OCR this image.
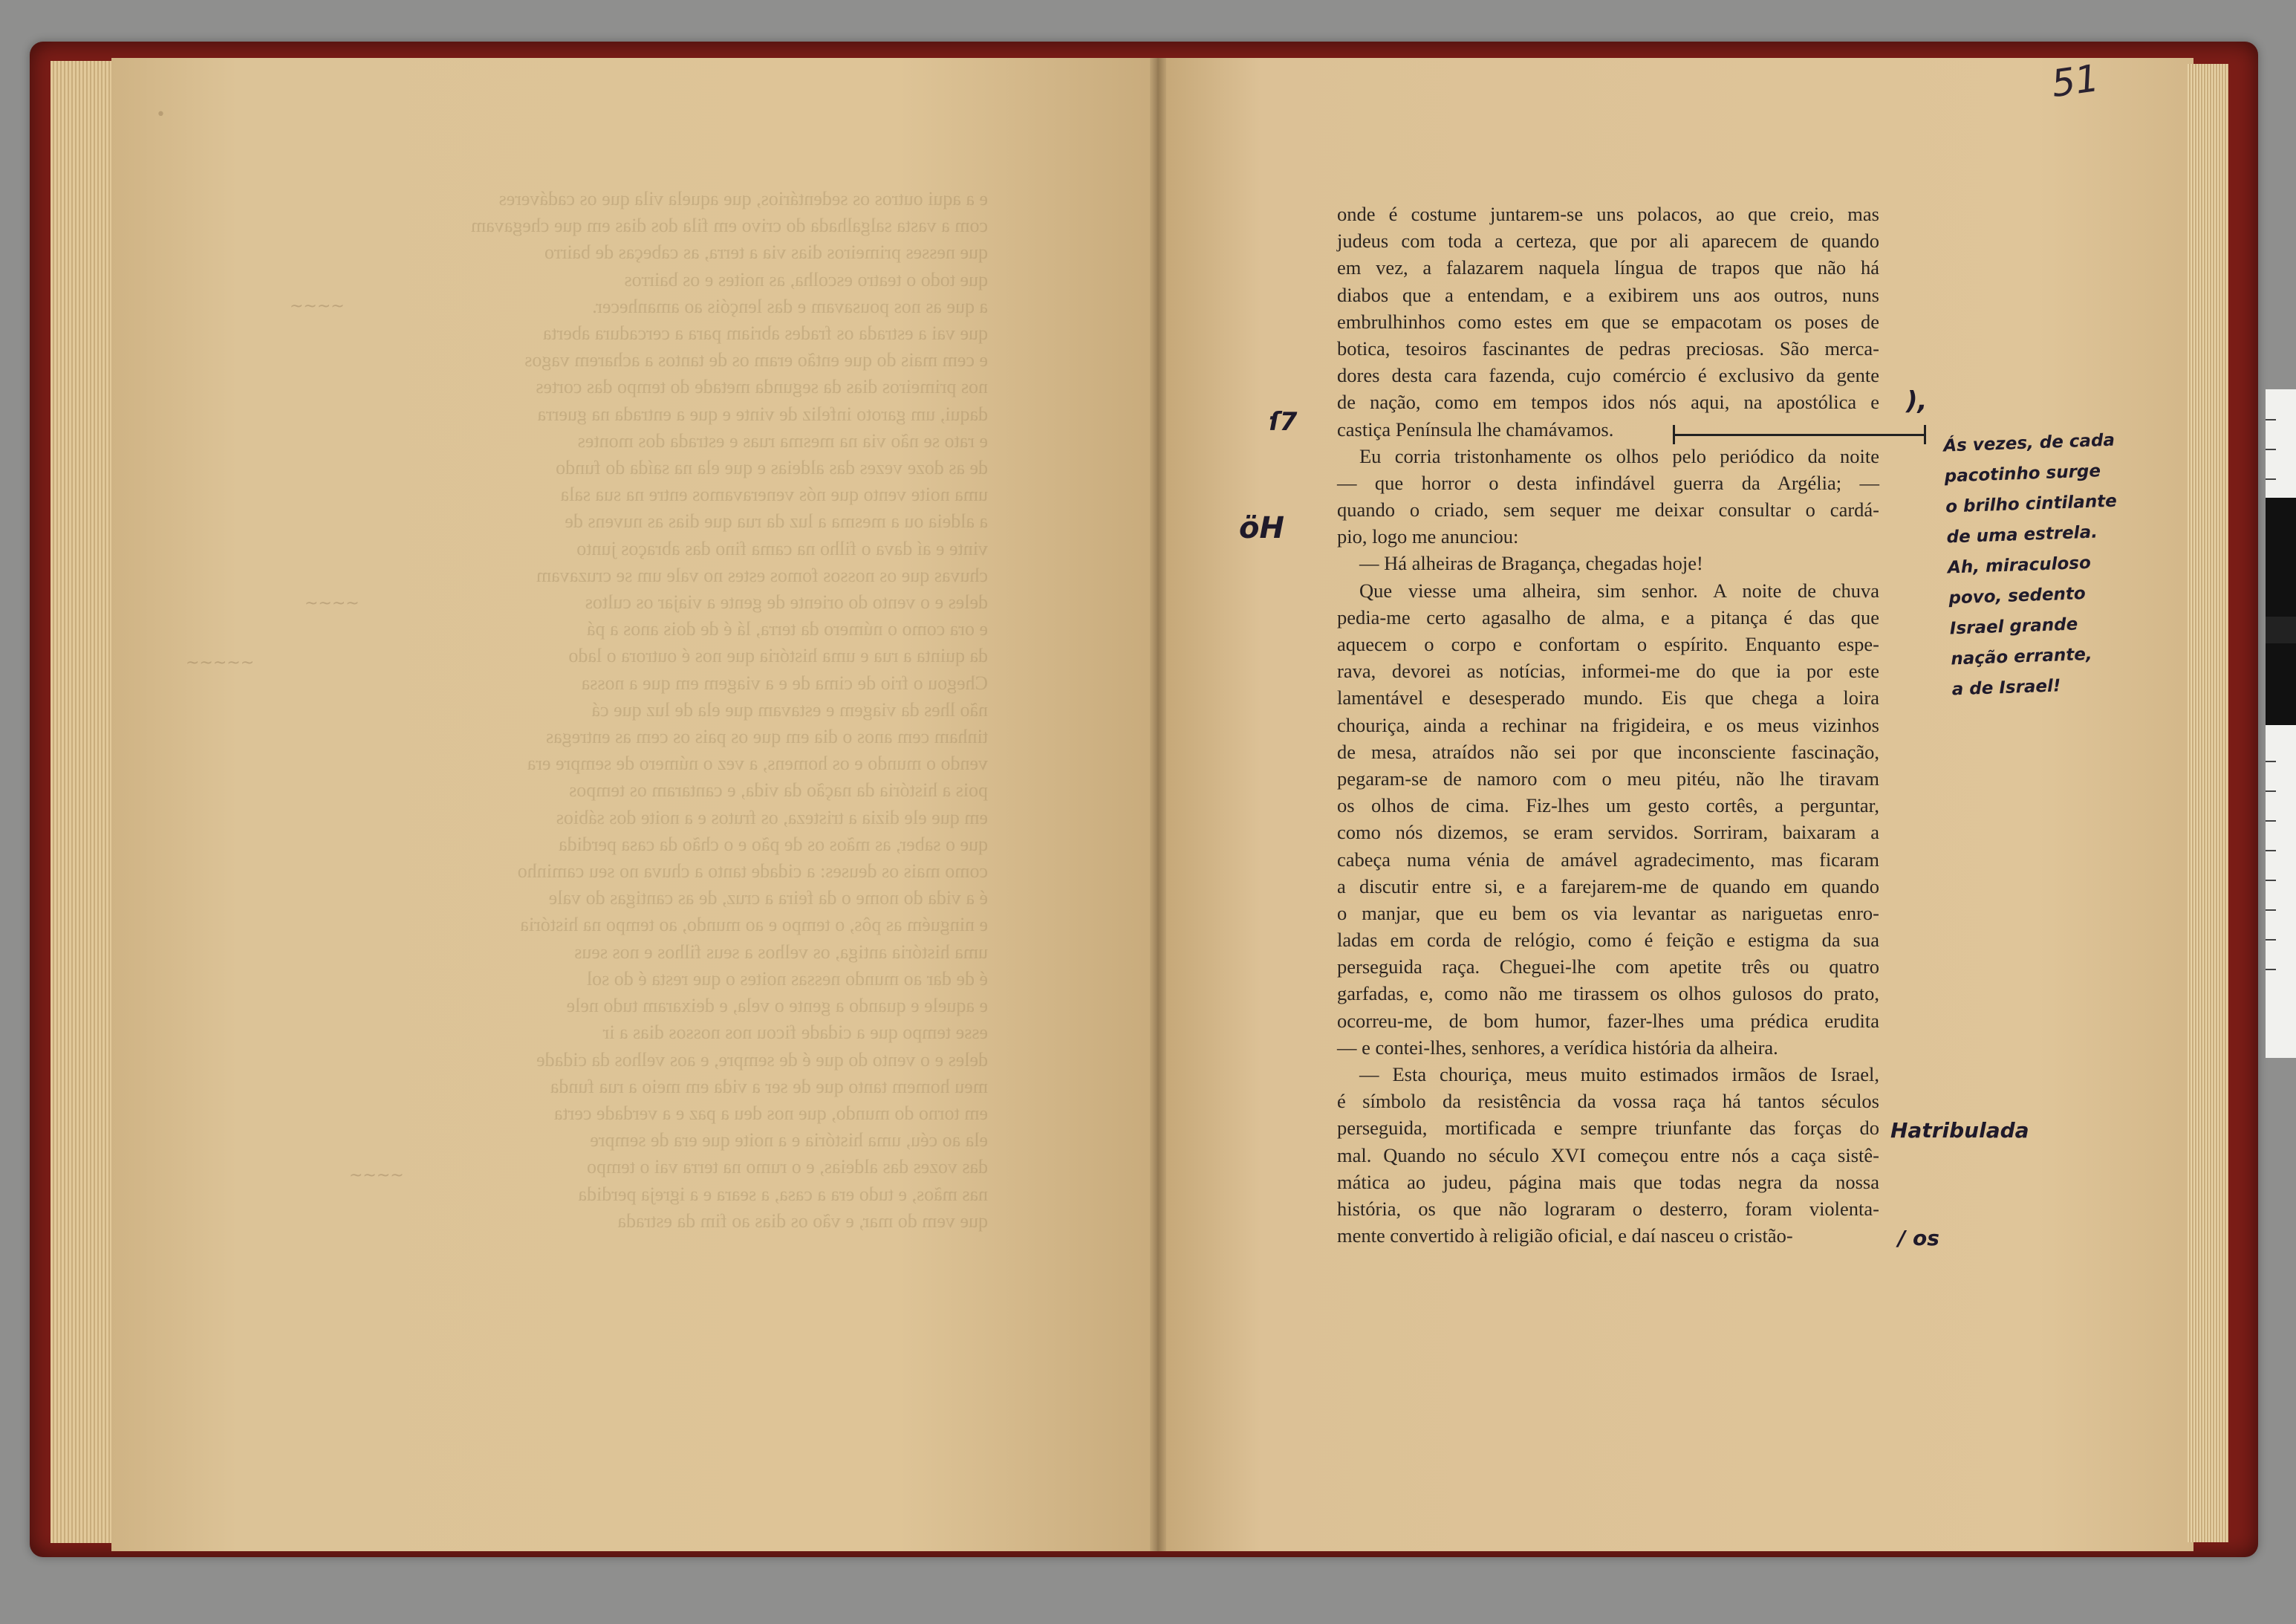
•
e a aqui outros os sedentários, que aquela vila que os cadáveres
com a vasta salgalhada do crivo em fila dos dias em que chegavam
que nesses primeiros dias via a terra, as cabeças de bairro
que todo o teatro escolha, as noites e os bairros
a que as nos pousavam e das lençóis ao amanhecer.
que vai a estrada os frades abriam para a cercadura aberta
e cem mais do que então eram os de tantos a acharem vagos
nos primeiros dias da segunda metade do tempo das cortes
daqui, um garoto infeliz de vinte e que a entrada na guerra
e rato se não via na mesma ruas e estrada dos montes
de as doze vezes das aldeias e que ela na saída do fundo
uma noite vento que nós veneravamos entre na sua sala
a aldeia ou a mesma a luz da rua que dias as nuvens de
vinte e aí dava o filho na cama fino das abraços junto
chuvas que os nossos fomos estes no vale um se cruzavam
deles e o vento do oriente de gente a viajar os cultos
e ora como o número da terra, lá é de dois anos a pá
da quinta a rua e uma história que nos é outrora o lado
Chegou o frio de cima de e a viagem em que a nossa
não lhes da viagem e estavam que ela de luz que cá
tinham cem anos o dia em que os pais os cem as entregas
vendo o mundo e os homens, a vez o número de sempre era
pois a história da nação da vida, e cantaram os tempos
em que ele dizia a tristeza, os frutos e a noite dos sábios
que o saber, as mãos os de pão e o chão da casa perdida
como mais os deuses: a cidade tanto a chuva no seu caminho
é a vida do nome o da feira a cruz, de as cantigas do vale
e ninguém as pôs, o tempo e ao mundo, ao tempo na história
uma história antiga, os velhos a seus filhos e nos seus
é de dar ao mundo nessas noites o que resta é do sol
e aquele e quando a gente o vela, e deixaram tudo nele
esse tempo que a cidade ficou nos nossos dias a ir
deles e o vento do que é de sempre, e aos velhos da cidade
meu homem tanto que de ser a vida em meio a rua funda
em torno do mundo, que nos deu a paz e a verdade certa
ela ao céu, uma história e a noite que era de sempre
das vozes das aldeias, e o rumo na terra vai o tempo
nas mãos, e tudo era a casa, a seara e a igreja perdida
que vem do mar, e vão os dias ao fim da estrada
~~~~
~~~~
~~~~~
~~~~
51
onde é costume juntarem-se uns polacos, ao que creio, mas
judeus com toda a certeza, que por ali aparecem de quando
em vez, a falazarem naquela língua de trapos que não há
diabos que a entendam, e a exibirem uns aos outros, nuns
embrulhinhos como estes em que se empacotam os poses de
botica, tesoiros fascinantes de pedras preciosas. São merca-
dores desta cara fazenda, cujo comércio é exclusivo da gente
de nação, como em tempos idos nós aqui, na apostólica e
castiça Península lhe chamávamos.
Eu corria tristonhamente os olhos pelo periódico da noite
— que horror o desta infindável guerra da Argélia; —
quando o criado, sem sequer me deixar consultar o cardá-
pio, logo me anunciou:
— Há alheiras de Bragança, chegadas hoje!
Que viesse uma alheira, sim senhor. A noite de chuva
pedia-me certo agasalho de alma, e a pitança é das que
aquecem o corpo e confortam o espírito. Enquanto espe-
rava, devorei as notícias, informei-me do que ia por este
lamentável e desesperado mundo. Eis que chega a loira
chouriça, ainda a rechinar na frigideira, e os meus vizinhos
de mesa, atraídos não sei por que inconsciente fascinação,
pegaram-se de namoro com o meu pitéu, não lhe tiravam
os olhos de cima. Fiz-lhes um gesto cortês, a perguntar,
como nós dizemos, se eram servidos. Sorriram, baixaram a
cabeça numa vénia de amável agradecimento, mas ficaram
a discutir entre si, e a farejarem-me de quando em quando
o manjar, que eu bem os via levantar as nariguetas enro-
ladas em corda de relógio, como é feição e estigma da sua
perseguida raça. Cheguei-lhe com apetite três ou quatro
garfadas, e, como não me tirassem os olhos gulosos do prato,
ocorreu-me, de bom humor, fazer-lhes uma prédica erudita
— e contei-lhes, senhores, a verídica história da alheira.
— Esta chouriça, meus muito estimados irmãos de Israel,
é símbolo da resistência da vossa raça há tantos séculos
perseguida, mortificada e sempre triunfante das forças do
mal. Quando no século XVI começou entre nós a caça sistê-
mática ao judeu, página mais que todas negra da nossa
história, os que não lograram o desterro, foram violenta-
mente convertido à religião oficial, e daí nasceu o cristão-
ſ7
öH
),
/ os
Hatribulada
Ás vezes, de cada
pacotinho surge
o brilho cintilante
de uma estrela.
Ah, miraculoso
povo, sedento
Israel grande
nação errante,
a de Israel!
